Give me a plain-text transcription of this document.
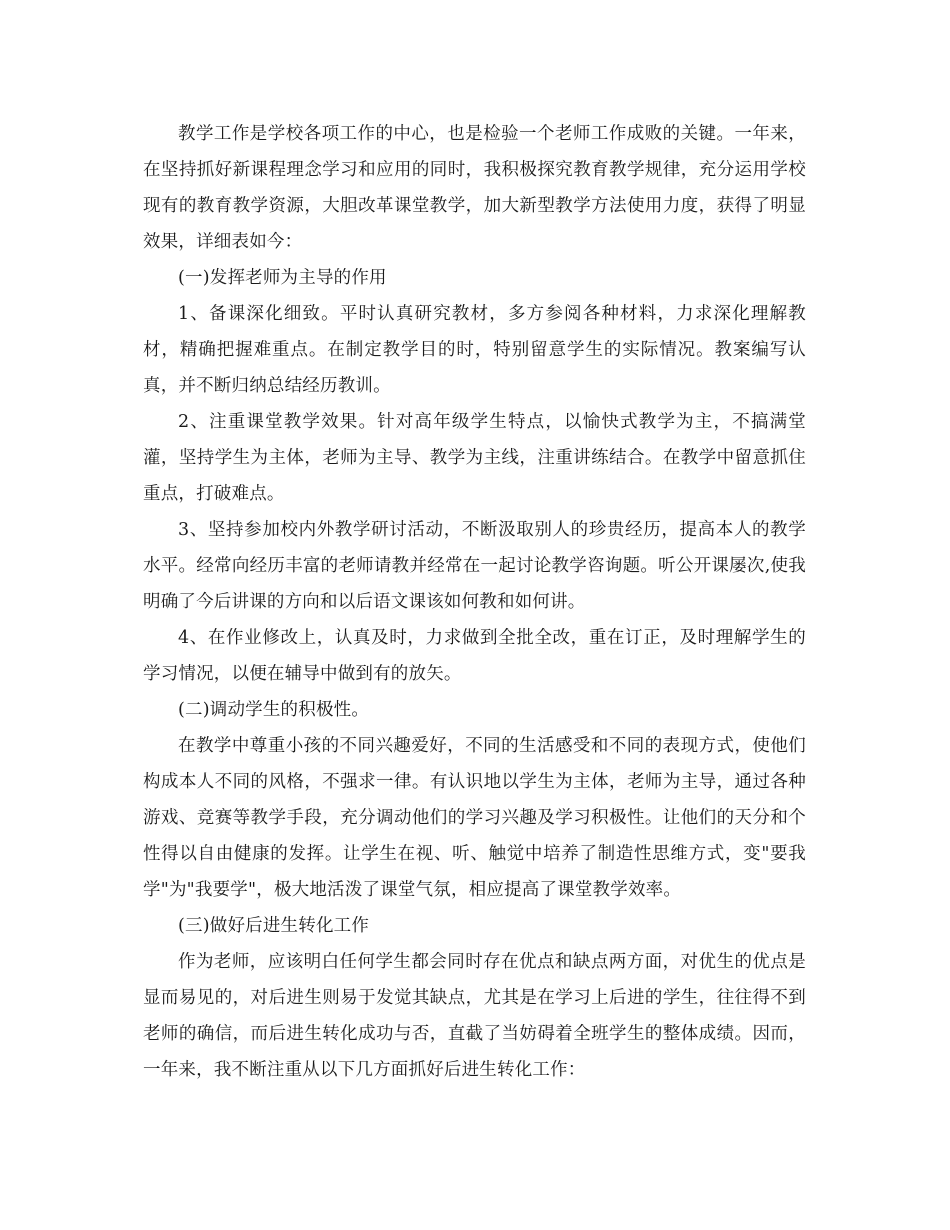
教学工作是学校各项工作的中心，也是检验一个老师工作成败的关键。一年来，在坚持抓好新课程理念学习和应用的同时，我积极探究教育教学规律，充分运用学校现有的教育教学资源，大胆改革课堂教学，加大新型教学方法使用力度，获得了明显效果，详细表如今：

(一)发挥老师为主导的作用

1、备课深化细致。平时认真研究教材，多方参阅各种材料，力求深化理解教材，精确把握难重点。在制定教学目的时，特别留意学生的实际情况。教案编写认真，并不断归纳总结经历教训。

2、注重课堂教学效果。针对高年级学生特点，以愉快式教学为主，不搞满堂灌，坚持学生为主体，老师为主导、教学为主线，注重讲练结合。在教学中留意抓住重点，打破难点。

3、坚持参加校内外教学研讨活动，不断汲取别人的珍贵经历，提高本人的教学水平。经常向经历丰富的老师请教并经常在一起讨论教学咨询题。听公开课屡次,使我明确了今后讲课的方向和以后语文课该如何教和如何讲。

4、在作业修改上，认真及时，力求做到全批全改，重在订正，及时理解学生的学习情况，以便在辅导中做到有的放矢。

(二)调动学生的积极性。

在教学中尊重小孩的不同兴趣爱好，不同的生活感受和不同的表现方式，使他们构成本人不同的风格，不强求一律。有认识地以学生为主体，老师为主导，通过各种游戏、竞赛等教学手段，充分调动他们的学习兴趣及学习积极性。让他们的天分和个性得以自由健康的发挥。让学生在视、听、触觉中培养了制造性思维方式，变"要我学"为"我要学"，极大地活泼了课堂气氛，相应提高了课堂教学效率。

(三)做好后进生转化工作

作为老师，应该明白任何学生都会同时存在优点和缺点两方面，对优生的优点是显而易见的，对后进生则易于发觉其缺点，尤其是在学习上后进的学生，往往得不到老师的确信，而后进生转化成功与否，直截了当妨碍着全班学生的整体成绩。因而，一年来，我不断注重从以下几方面抓好后进生转化工作：
